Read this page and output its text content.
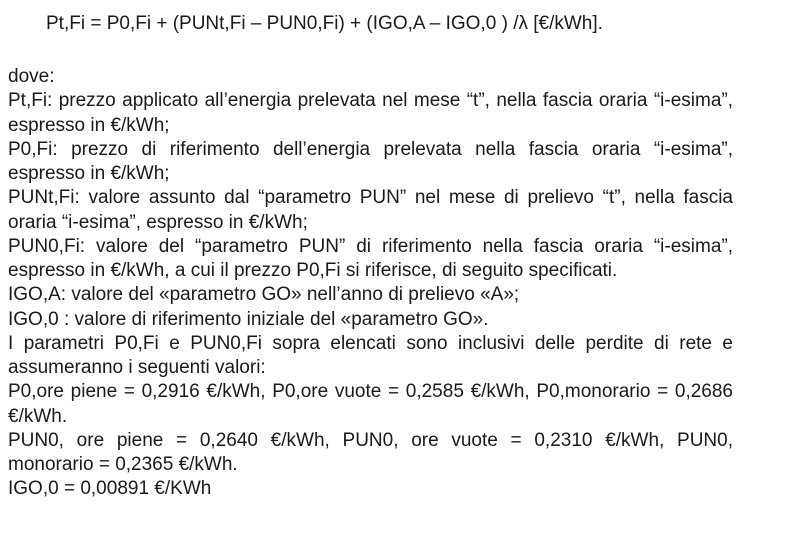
Pt,Fi = P0,Fi + (PUNt,Fi – PUN0,Fi) + (IGO,A – IGO,0 ) /λ [€/kWh].

dove:

Pt,Fi: prezzo applicato all’energia prelevata nel mese “t”, nella fascia oraria “i-esima”, espresso in €/kWh;

P0,Fi: prezzo di riferimento dell’energia prelevata nella fascia oraria “i-esima”, espresso in €/kWh;

PUNt,Fi: valore assunto dal “parametro PUN” nel mese di prelievo “t”, nella fascia oraria “i-esima”, espresso in €/kWh;

PUN0,Fi: valore del “parametro PUN” di riferimento nella fascia oraria “i-esima”, espresso in €/kWh, a cui il prezzo P0,Fi si riferisce, di seguito specificati.

IGO,A: valore del «parametro GO» nell’anno di prelievo «A»;

IGO,0 : valore di riferimento iniziale del «parametro GO».

I parametri P0,Fi e PUN0,Fi sopra elencati sono inclusivi delle perdite di rete e assumeranno i seguenti valori:

P0,ore piene = 0,2916 €/kWh, P0,ore vuote = 0,2585 €/kWh, P0,monorario = 0,2686 €/kWh.

PUN0, ore piene = 0,2640 €/kWh, PUN0, ore vuote = 0,2310 €/kWh, PUN0, monorario = 0,2365 €/kWh.

IGO,0 = 0,00891 €/KWh
